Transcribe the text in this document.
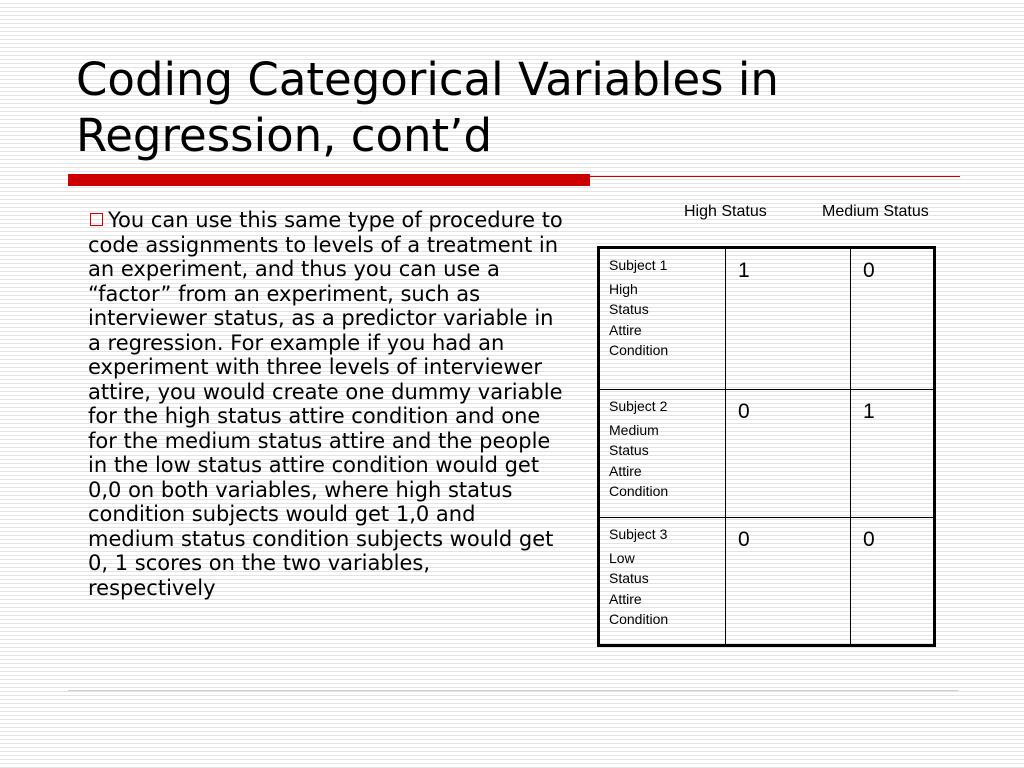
Coding Categorical Variables in
Regression, cont’d
You can use this same type of procedure to code assignments to levels of a treatment in an experiment, and thus you can use a “factor” from an experiment, such as interviewer status, as a predictor variable in a regression. For example if you had an experiment with three levels of interviewer attire, you would create one dummy variable for the high status attire condition and one for the medium status attire and the people in the low status attire condition would get 0,0 on both variables, where high status condition subjects would get 1,0 and medium status condition subjects would get 0, 1 scores on the two variables, respectively
High Status	Medium Status
Subject 1
High
Status
Attire
Condition	1	0

Subject 2
Medium
Status
Attire
Condition	0	1

Subject 3
Low
Status
Attire
Condition	0	0
